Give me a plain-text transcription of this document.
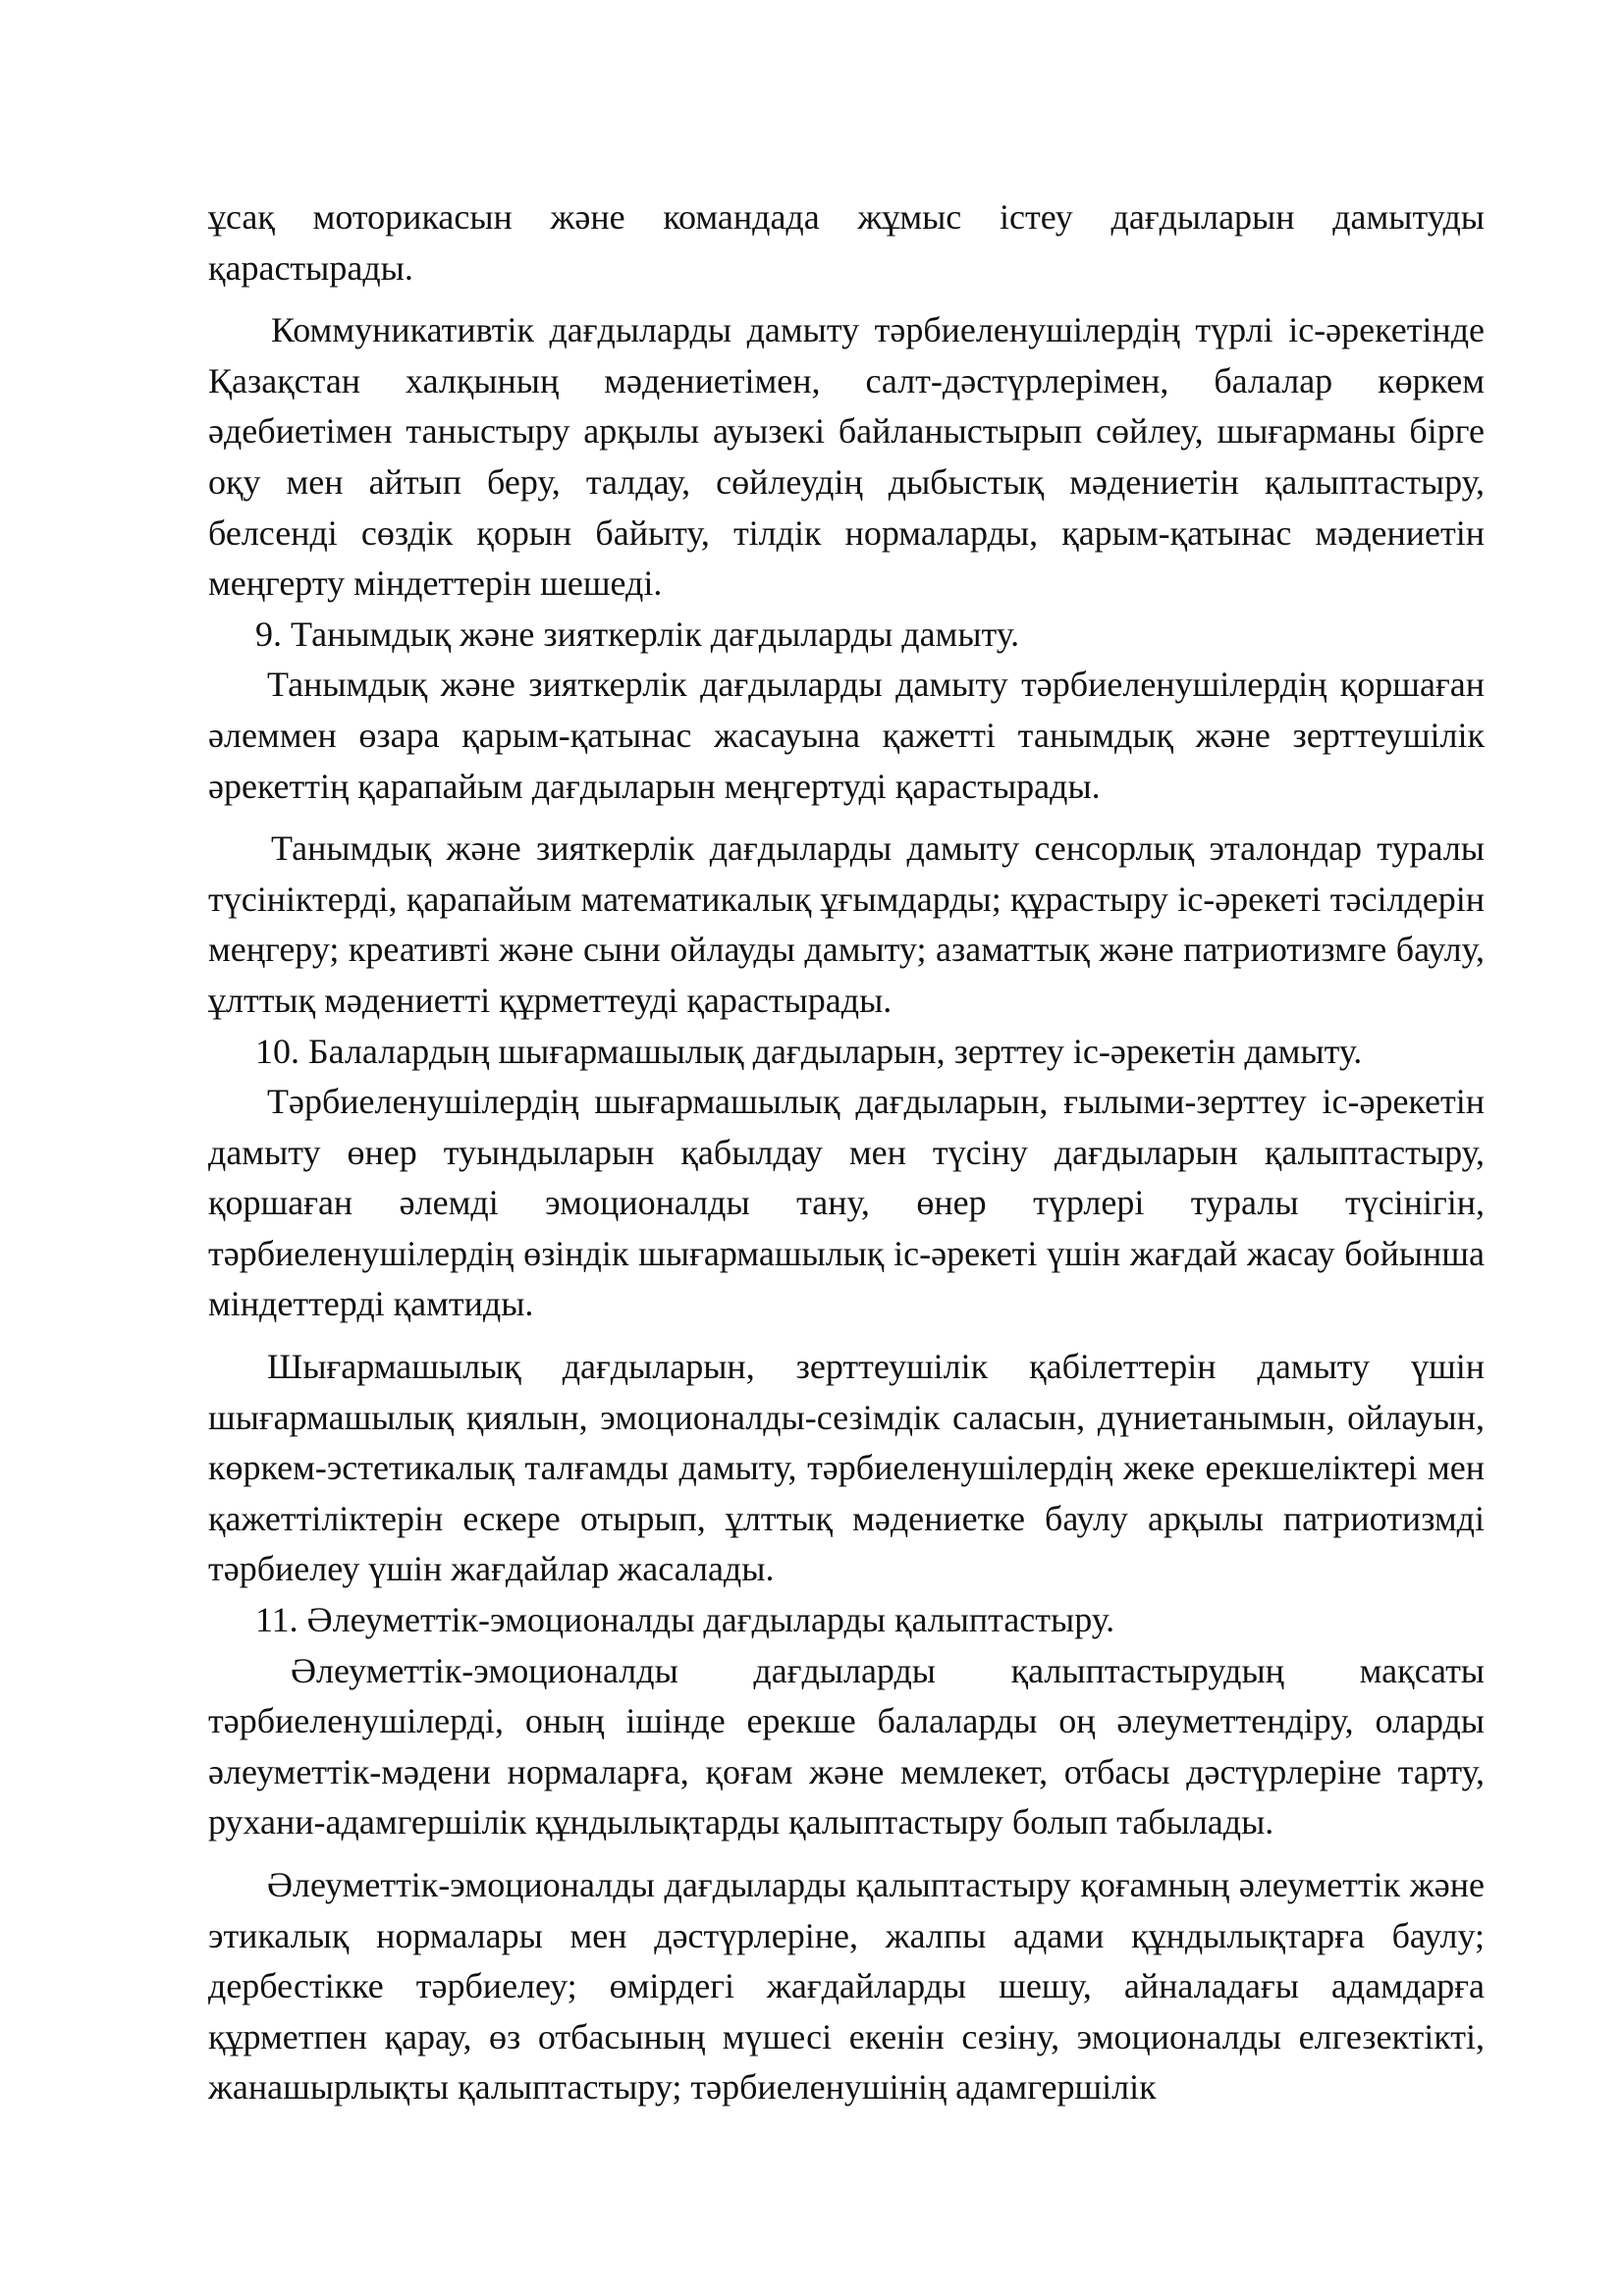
ұсақ моторикасын және командада жұмыс істеу дағдыларын дамытуды қарастырады.

Коммуникативтік дағдыларды дамыту тәрбиеленушілердің түрлі іс-әрекетінде Қазақстан халқының мәдениетімен, салт-дәстүрлерімен, балалар көркем әдебиетімен таныстыру арқылы ауызекі байланыстырып сөйлеу, шығарманы бірге оқу мен айтып беру, талдау, сөйлеудің дыбыстық мәдениетін қалыптастыру, белсенді сөздік қорын байыту, тілдік нормаларды, қарым-қатынас мәдениетін меңгерту міндеттерін шешеді.

9. Танымдық және зияткерлік дағдыларды дамыту.

Танымдық және зияткерлік дағдыларды дамыту тәрбиеленушілердің қоршаған әлеммен өзара қарым-қатынас жасауына қажетті танымдық және зерттеушілік әрекеттің қарапайым дағдыларын меңгертуді қарастырады.

Танымдық және зияткерлік дағдыларды дамыту сенсорлық эталондар туралы түсініктерді, қарапайым математикалық ұғымдарды; құрастыру іс-әрекеті тәсілдерін меңгеру; креативті және сыни ойлауды дамыту; азаматтық және патриотизмге баулу, ұлттық мәдениетті құрметтеуді қарастырады.

10. Балалардың шығармашылық дағдыларын, зерттеу іс-әрекетін дамыту.

Тәрбиеленушілердің шығармашылық дағдыларын, ғылыми-зерттеу іс-әрекетін дамыту өнер туындыларын қабылдау мен түсіну дағдыларын қалыптастыру, қоршаған әлемді эмоционалды тану, өнер түрлері туралы түсінігін, тәрбиеленушілердің өзіндік шығармашылық іс-әрекеті үшін жағдай жасау бойынша міндеттерді қамтиды.

Шығармашылық дағдыларын, зерттеушілік қабілеттерін дамыту үшін шығармашылық қиялын, эмоционалды-сезімдік саласын, дүниетанымын, ойлауын, көркем-эстетикалық талғамды дамыту, тәрбиеленушілердің жеке ерекшеліктері мен қажеттіліктерін ескере отырып, ұлттық мәдениетке баулу арқылы патриотизмді тәрбиелеу үшін жағдайлар жасалады.

11. Әлеуметтік-эмоционалды дағдыларды қалыптастыру.

Әлеуметтік-эмоционалды дағдыларды қалыптастырудың мақсаты тәрбиеленушілерді, оның ішінде ерекше балаларды оң әлеуметтендіру, оларды әлеуметтік-мәдени нормаларға, қоғам және мемлекет, отбасы дәстүрлеріне тарту, рухани-адамгершілік құндылықтарды қалыптастыру болып табылады.

Әлеуметтік-эмоционалды дағдыларды қалыптастыру қоғамның әлеуметтік және этикалық нормалары мен дәстүрлеріне, жалпы адами құндылықтарға баулу; дербестікке тәрбиелеу; өмірдегі жағдайларды шешу, айналадағы адамдарға құрметпен қарау, өз отбасының мүшесі екенін сезіну, эмоционалды елгезектікті, жанашырлықты қалыптастыру; тәрбиеленушінің адамгершілік
